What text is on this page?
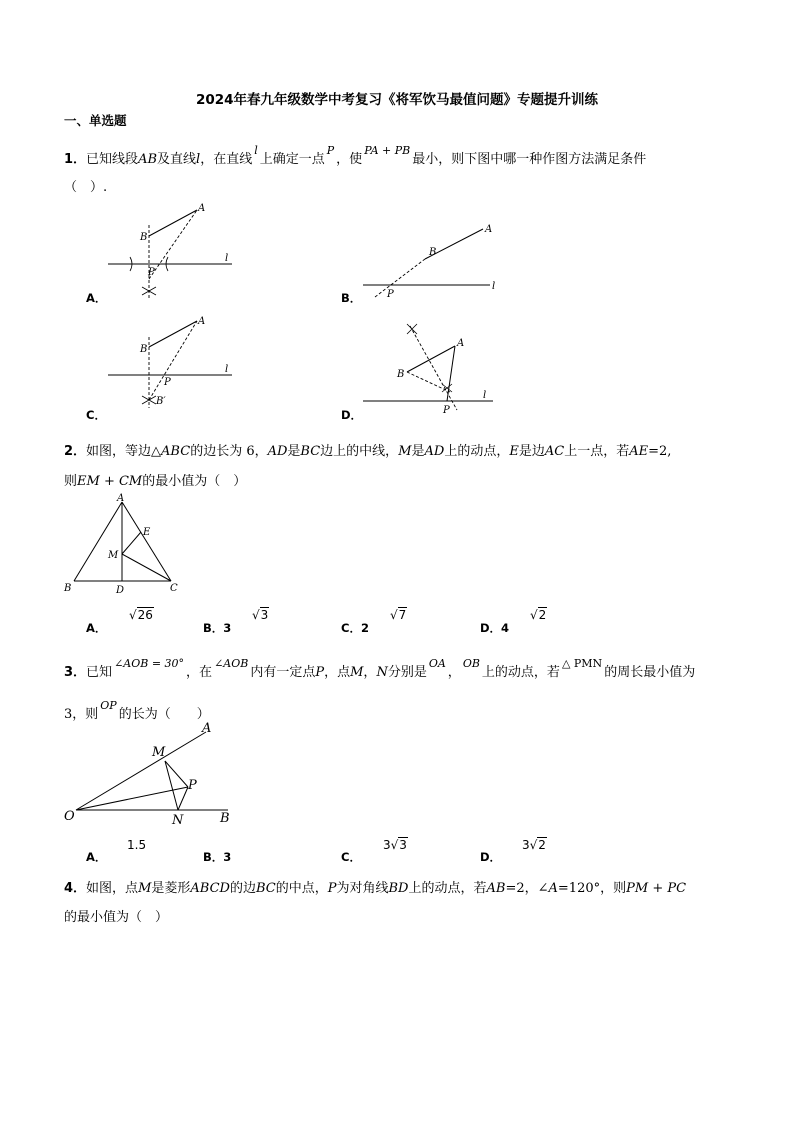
2024年春九年级数学中考复习《将军饮马最值问题》专题提升训练
一、单选题
1．已知线段AB及直线l，在直线$^l$上确定一点$^P$，使$^{PA + PB}$最小，则下图中哪一种作图方法满足条件
（　）.
A
B
P
l
A．
A
B
P
l
B．
A
B
P
l
B′
C．
A
B
P
l
D．
2．如图，等边△ABC的边长为 6，AD是BC边上的中线，M是AD上的动点，E是边AC上一点，若AE=2,
则EM + CM的最小值为（　）
A
B	C
D
E
M
A．
√26
B．3
√3
C．2
√7
D．4
√2
3．已知$^{\angle AOB = 30^\circ}$，在$^{\angle AOB}$内有一定点P，点M，N分别是$^{OA}$，$^{OB}$上的动点，若$^{\triangle PMN}$的周长最小值为
3，则$^{OP}$的长为（　　）
A
B
M
N
O
P
A．
1.5
B．3	C．
3√3
D．
3√2
4．如图，点M是菱形ABCD的边BC的中点，P为对角线BD上的动点，若AB=2，∠A=120°，则PM + PC
的最小值为（　）
